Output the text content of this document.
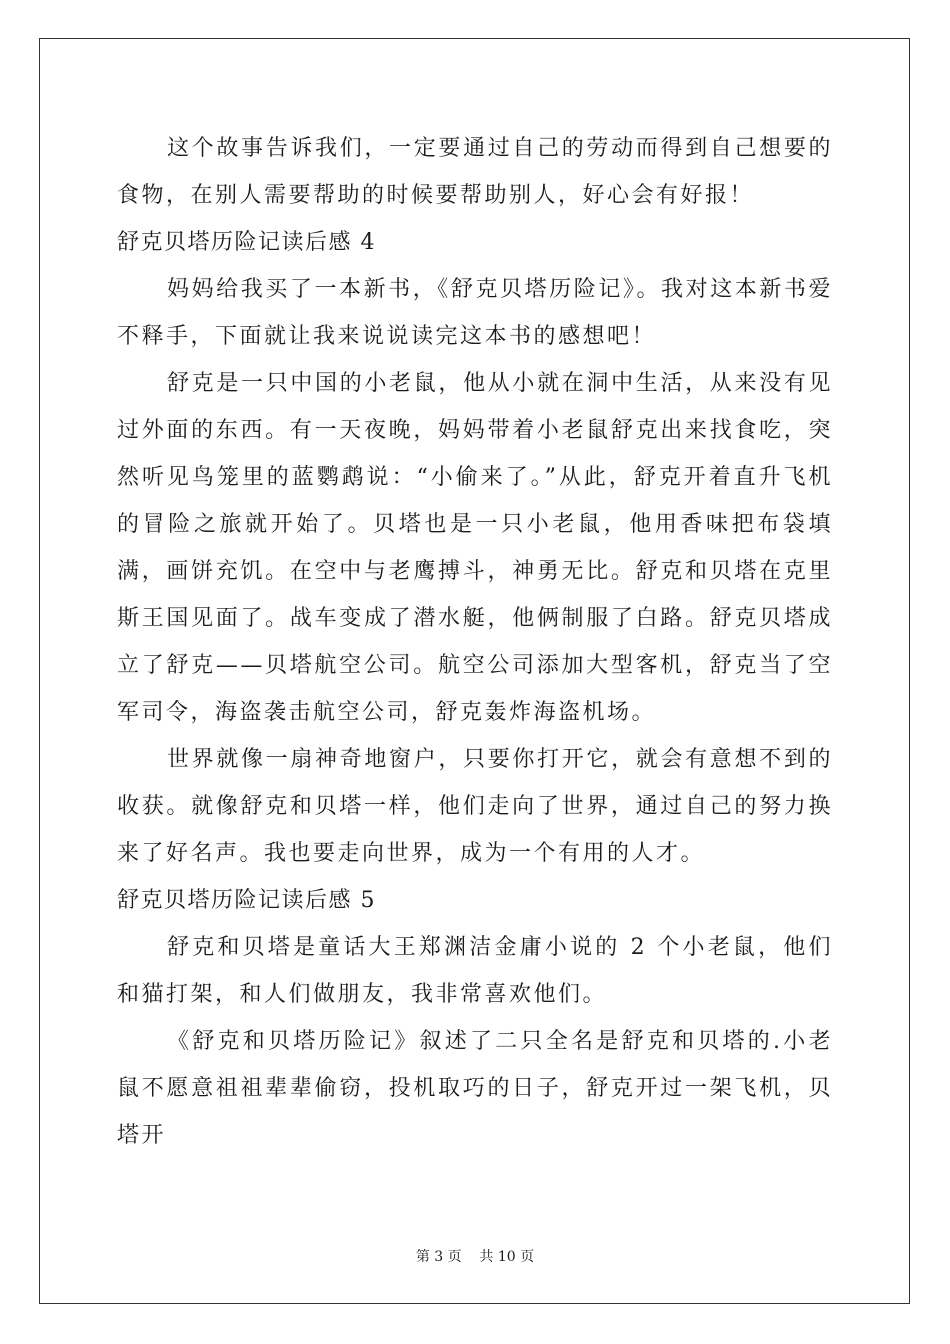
这个故事告诉我们，一定要通过自己的劳动而得到自己想要的食物，在别人需要帮助的时候要帮助别人，好心会有好报！

舒克贝塔历险记读后感 4

妈妈给我买了一本新书，《舒克贝塔历险记》。我对这本新书爱不释手，下面就让我来说说读完这本书的感想吧！

舒克是一只中国的小老鼠，他从小就在洞中生活，从来没有见过外面的东西。有一天夜晚，妈妈带着小老鼠舒克出来找食吃，突然听见鸟笼里的蓝鹦鹉说：“小偷来了。”从此，舒克开着直升飞机的冒险之旅就开始了。贝塔也是一只小老鼠，他用香味把布袋填满，画饼充饥。在空中与老鹰搏斗，神勇无比。舒克和贝塔在克里斯王国见面了。战车变成了潜水艇，他俩制服了白路。舒克贝塔成立了舒克——贝塔航空公司。航空公司添加大型客机，舒克当了空军司令，海盗袭击航空公司，舒克轰炸海盗机场。

世界就像一扇神奇地窗户，只要你打开它，就会有意想不到的收获。就像舒克和贝塔一样，他们走向了世界，通过自己的努力换来了好名声。我也要走向世界，成为一个有用的人才。

舒克贝塔历险记读后感 5

舒克和贝塔是童话大王郑渊洁金庸小说的 2 个小老鼠，他们和猫打架，和人们做朋友，我非常喜欢他们。

《舒克和贝塔历险记》叙述了二只全名是舒克和贝塔的.小老鼠不愿意祖祖辈辈偷窃，投机取巧的日子，舒克开过一架飞机，贝塔开

第 3 页    共 10 页
